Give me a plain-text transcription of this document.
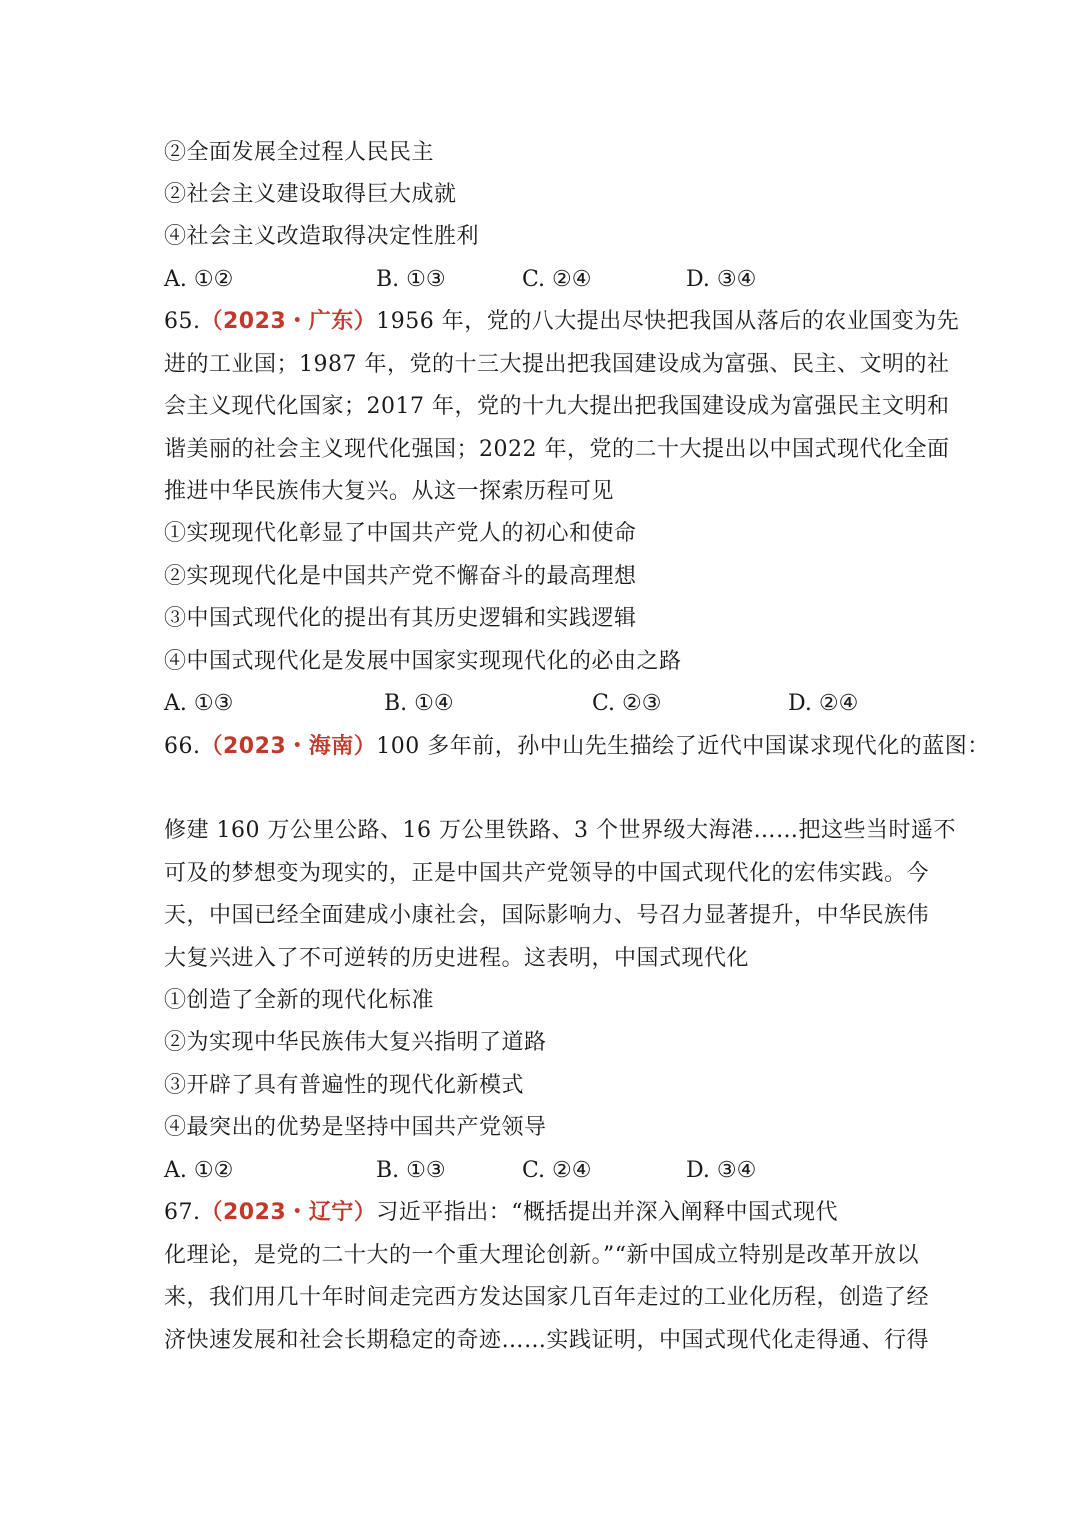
②全面发展全过程人民民主
②社会主义建设取得巨大成就
④社会主义改造取得决定性胜利
A. ①②	B. ①③	C. ②④	D. ③④
65.（2023・广东）1956 年，党的八大提出尽快把我国从落后的农业国变为先
进的工业国；1987 年，党的十三大提出把我国建设成为富强、民主、文明的社
会主义现代化国家；2017 年，党的十九大提出把我国建设成为富强民主文明和
谐美丽的社会主义现代化强国；2022 年，党的二十大提出以中国式现代化全面
推进中华民族伟大复兴。从这一探索历程可见
①实现现代化彰显了中国共产党人的初心和使命
②实现现代化是中国共产党不懈奋斗的最高理想
③中国式现代化的提出有其历史逻辑和实践逻辑
④中国式现代化是发展中国家实现现代化的必由之路
A. ①③	B. ①④	C. ②③	D. ②④
66.（2023・海南）100 多年前，孙中山先生描绘了近代中国谋求现代化的蓝图：
修建 160 万公里公路、16 万公里铁路、3 个世界级大海港……把这些当时遥不
可及的梦想变为现实的，正是中国共产党领导的中国式现代化的宏伟实践。今
天，中国已经全面建成小康社会，国际影响力、号召力显著提升，中华民族伟
大复兴进入了不可逆转的历史进程。这表明，中国式现代化
①创造了全新的现代化标准
②为实现中华民族伟大复兴指明了道路
③开辟了具有普遍性的现代化新模式
④最突出的优势是坚持中国共产党领导
A. ①②	B. ①③	C. ②④	D. ③④
67.（2023・辽宁）习近平指出：“概括提出并深入阐释中国式现代
化理论，是党的二十大的一个重大理论创新。”“新中国成立特别是改革开放以
来，我们用几十年时间走完西方发达国家几百年走过的工业化历程，创造了经
济快速发展和社会长期稳定的奇迹……实践证明，中国式现代化走得通、行得
